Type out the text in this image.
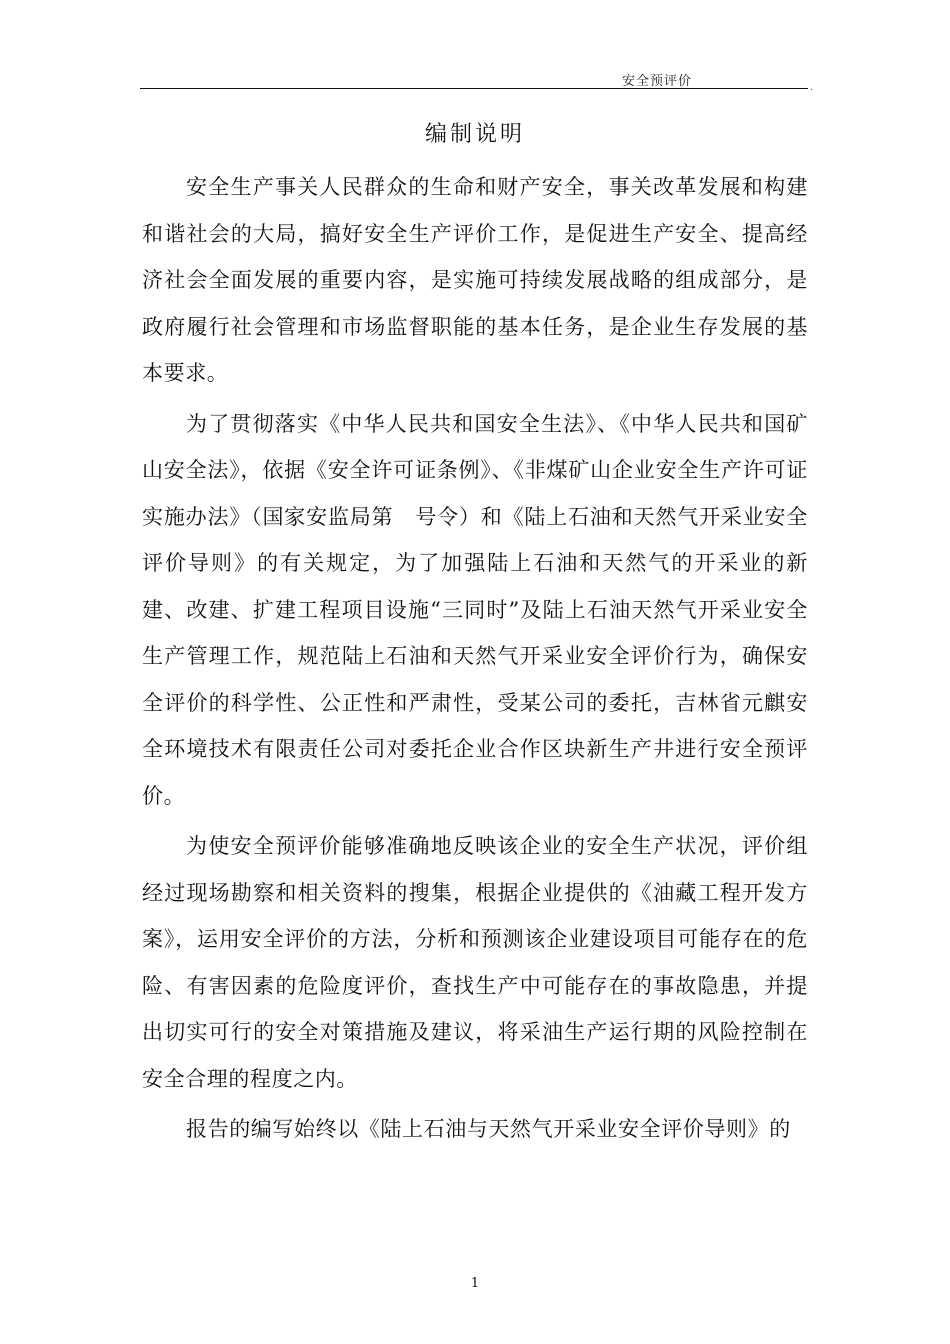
安全预评价	.
编制说明

安全生产事关人民群众的生命和财产安全，事关改革发展和构建和谐社会的大局，搞好安全生产评价工作，是促进生产安全、提高经济社会全面发展的重要内容，是实施可持续发展战略的组成部分，是政府履行社会管理和市场监督职能的基本任务，是企业生存发展的基本要求。

为了贯彻落实《中华人民共和国安全生法》、《中华人民共和国矿山安全法》，依据《安全许可证条例》、《非煤矿山企业安全生产许可证实施办法》（国家安监局第　号令）和《陆上石油和天然气开采业安全评价导则》的有关规定，为了加强陆上石油和天然气的开采业的新建、改建、扩建工程项目设施“三同时”及陆上石油天然气开采业安全生产管理工作，规范陆上石油和天然气开采业安全评价行为，确保安全评价的科学性、公正性和严肃性，受某公司的委托，吉林省元麒安全环境技术有限责任公司对委托企业合作区块新生产井进行安全预评价。

为使安全预评价能够准确地反映该企业的安全生产状况，评价组经过现场勘察和相关资料的搜集，根据企业提供的《油藏工程开发方案》，运用安全评价的方法，分析和预测该企业建设项目可能存在的危险、有害因素的危险度评价，查找生产中可能存在的事故隐患，并提出切实可行的安全对策措施及建议，将采油生产运行期的风险控制在安全合理的程度之内。

报告的编写始终以《陆上石油与天然气开采业安全评价导则》的

1
